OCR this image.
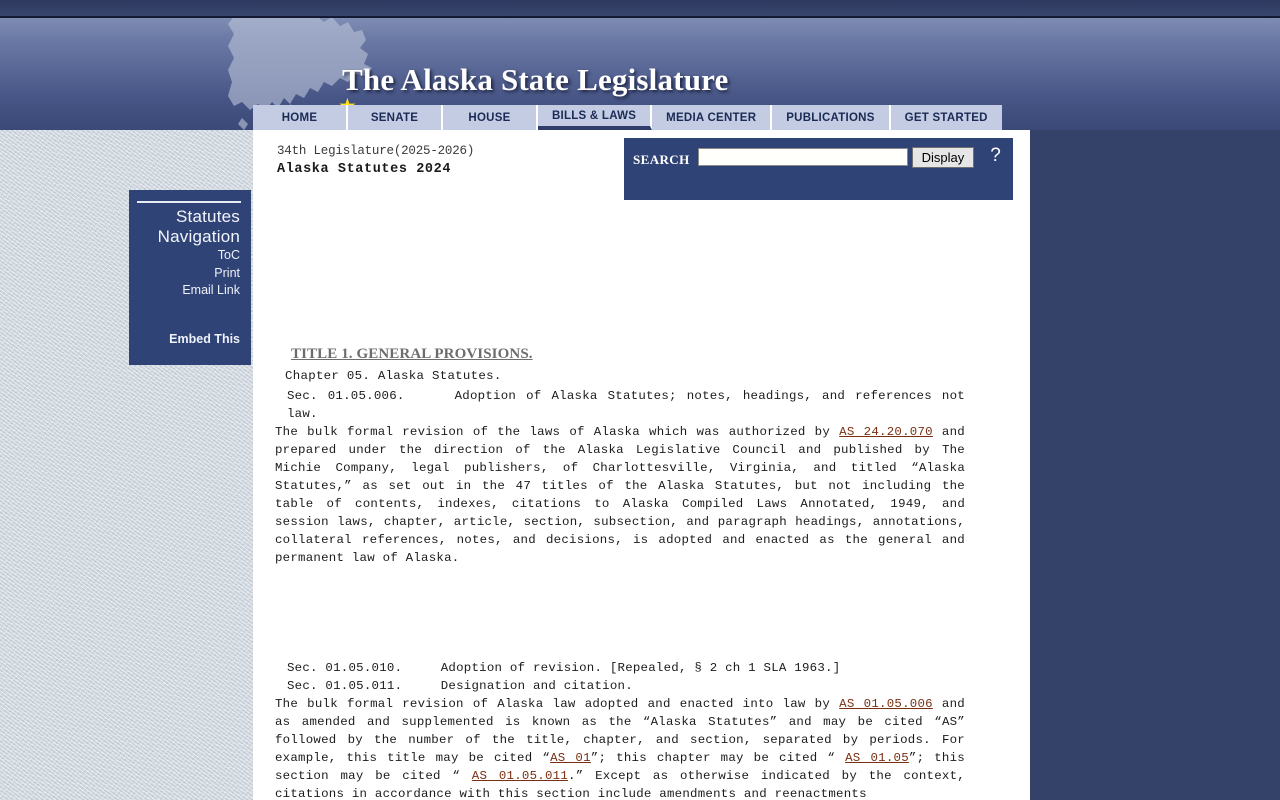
The Alaska State Legislature
HOME	SENATE	HOUSE	BILLS & LAWS	MEDIA CENTER	PUBLICATIONS	GET STARTED
Statutes
Navigation
ToC
Print
Email Link
Embed This
34th Legislature(2025-2026)
Alaska Statutes 2024
SEARCH	Display	?
TITLE 1. GENERAL PROVISIONS.
Chapter 05. Alaska Statutes.
Sec. 01.05.006.	Adoption of Alaska Statutes; notes, headings, and references not law.

The bulk formal revision of the laws of Alaska which was authorized by AS 24.20.070 and prepared under the direction of the Alaska Legislative Council and published by The Michie Company, legal publishers, of Charlottesville, Virginia, and titled “Alaska Statutes,” as set out in the 47 titles of the Alaska Statutes, but not including the table of contents, indexes, citations to Alaska Compiled Laws Annotated, 1949, and session laws, chapter, article, section, subsection, and paragraph headings, annotations, collateral references, notes, and decisions, is adopted and enacted as the general and permanent law of Alaska.

Sec. 01.05.010.	Adoption of revision. [Repealed, § 2 ch 1 SLA 1963.]
Sec. 01.05.011.	Designation and citation.

The bulk formal revision of Alaska law adopted and enacted into law by AS 01.05.006 and as amended and supplemented is known as the “Alaska Statutes” and may be cited “AS” followed by the number of the title, chapter, and section, separated by periods. For example, this title may be cited “AS 01”; this chapter may be cited “ AS 01.05”; this section may be cited “ AS 01.05.011.” Except as otherwise indicated by the context, citations in accordance with this section include amendments and reenactments
